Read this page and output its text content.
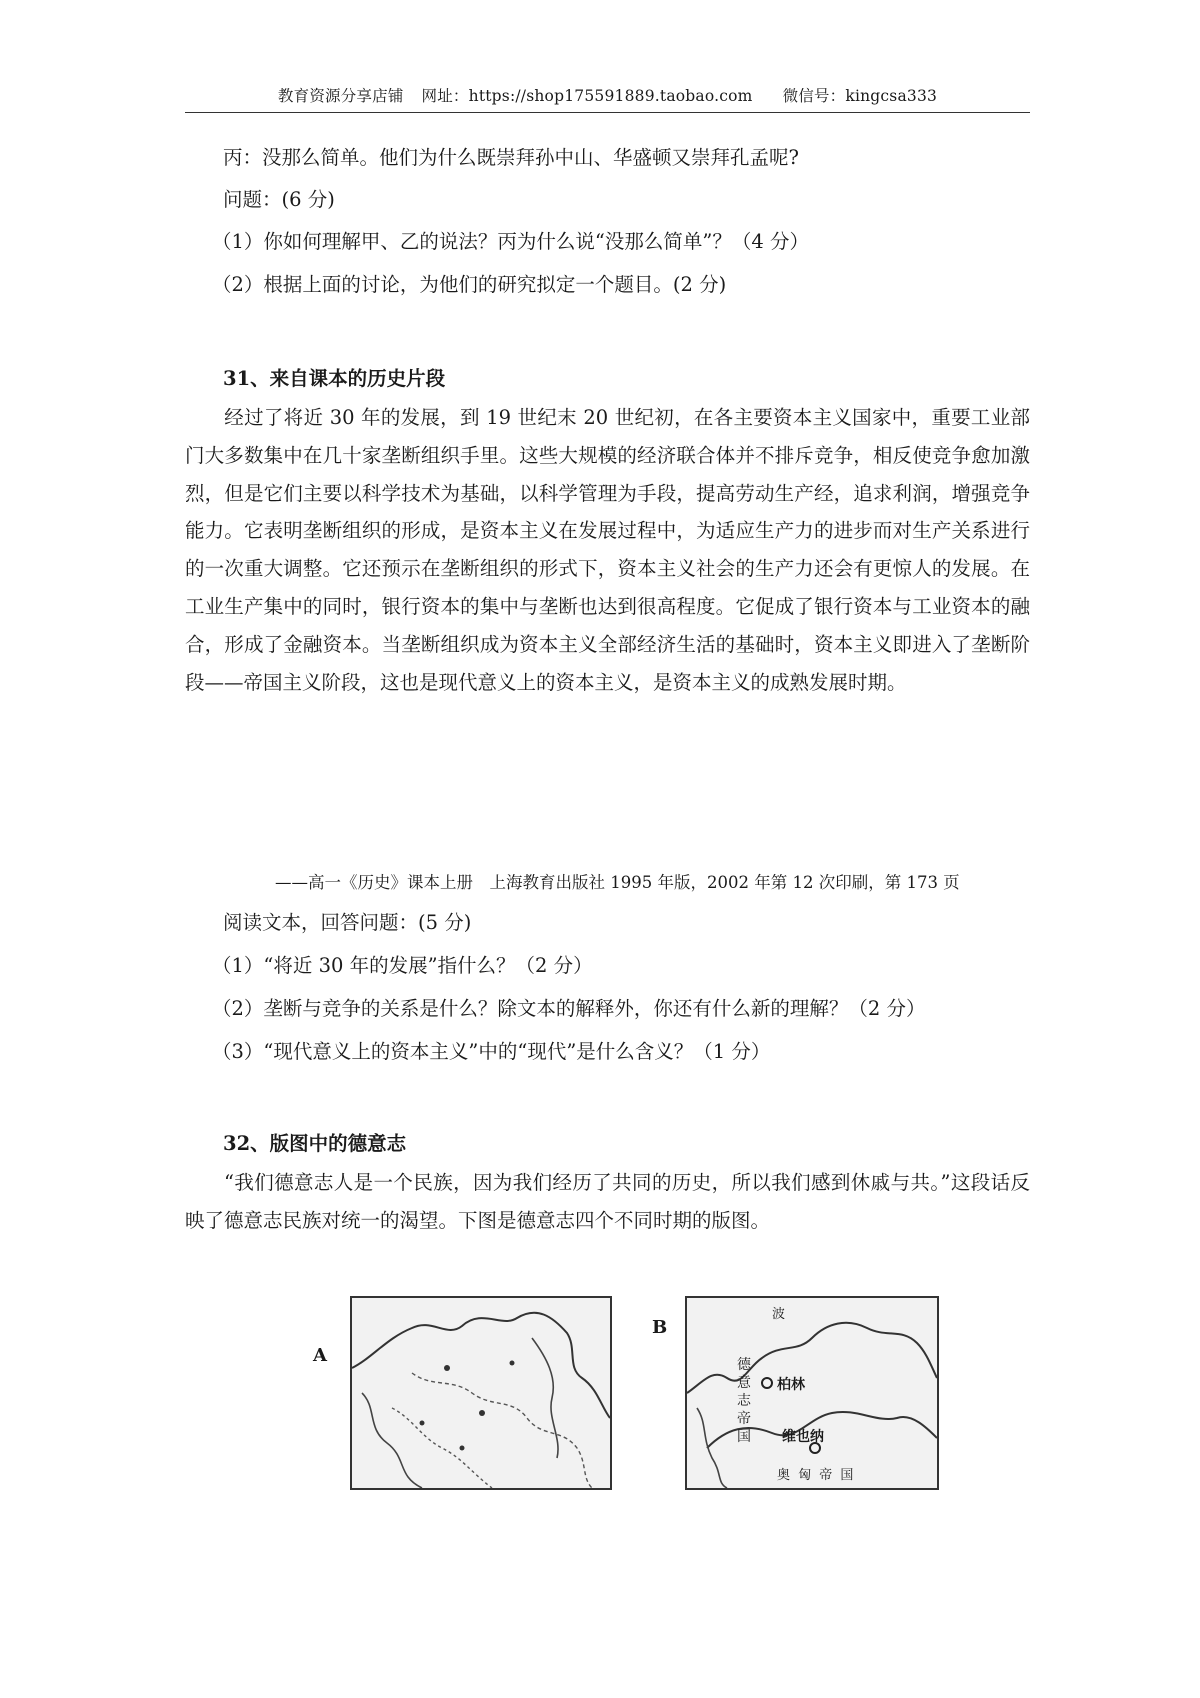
教育资源分享店铺 网址：https://shop175591889.taobao.com 微信号：kingcsa333
丙：没那么简单。他们为什么既崇拜孙中山、华盛顿又崇拜孔孟呢?
问题：(6 分)
（1）你如何理解甲、乙的说法？丙为什么说“没那么简单”？（4 分）
（2）根据上面的讨论，为他们的研究拟定一个题目。(2 分)
31、来自课本的历史片段
经过了将近 30 年的发展，到 19 世纪末 20 世纪初，在各主要资本主义国家中，重要工业部门大多数集中在几十家垄断组织手里。这些大规模的经济联合体并不排斥竞争，相反使竞争愈加激烈，但是它们主要以科学技术为基础，以科学管理为手段，提高劳动生产经，追求利润，增强竞争能力。它表明垄断组织的形成，是资本主义在发展过程中，为适应生产力的进步而对生产关系进行的一次重大调整。它还预示在垄断组织的形式下，资本主义社会的生产力还会有更惊人的发展。在工业生产集中的同时，银行资本的集中与垄断也达到很高程度。它促成了银行资本与工业资本的融合，形成了金融资本。当垄断组织成为资本主义全部经济生活的基础时，资本主义即进入了垄断阶段——帝国主义阶段，这也是现代意义上的资本主义，是资本主义的成熟发展时期。
——高一《历史》课本上册　上海教育出版社 1995 年版，2002 年第 12 次印刷，第 173 页
阅读文本，回答问题：(5 分)
（1）“将近 30 年的发展”指什么？（2 分）
（2）垄断与竞争的关系是什么？除文本的解释外，你还有什么新的理解？（2 分）
（3）“现代意义上的资本主义”中的“现代”是什么含义？（1 分）
32、版图中的德意志
“我们德意志人是一个民族，因为我们经历了共同的历史，所以我们感到休戚与共。”这段话反映了德意志民族对统一的渴望。下图是德意志四个不同时期的版图。
A
B
波
德
意
志
帝
国
柏林
维也纳
奥 匈 帝 国
